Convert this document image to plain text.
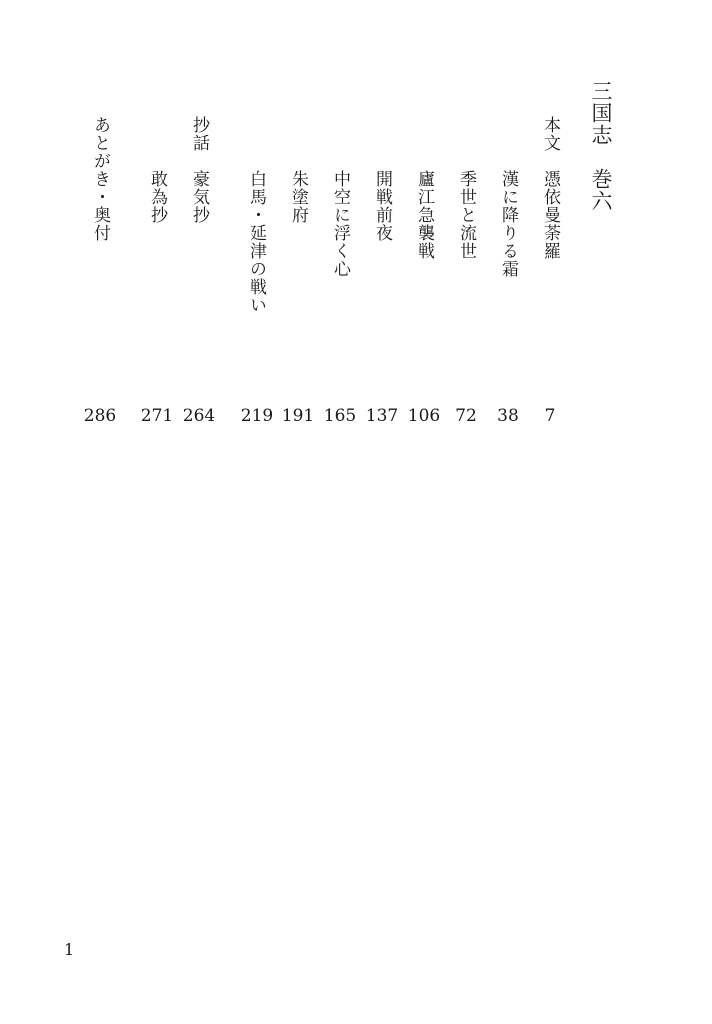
三国志　巻六
本文
憑依曼荼羅
漢に降りる霜
季世と流世
廬江急襲戦
開戦前夜
中空に浮く心
朱塗府
白馬・延津の戦い
抄話
豪気抄
敢為抄
あとがき・奥付
7
38
72
106
137
165
191
219
264
271
286
1
